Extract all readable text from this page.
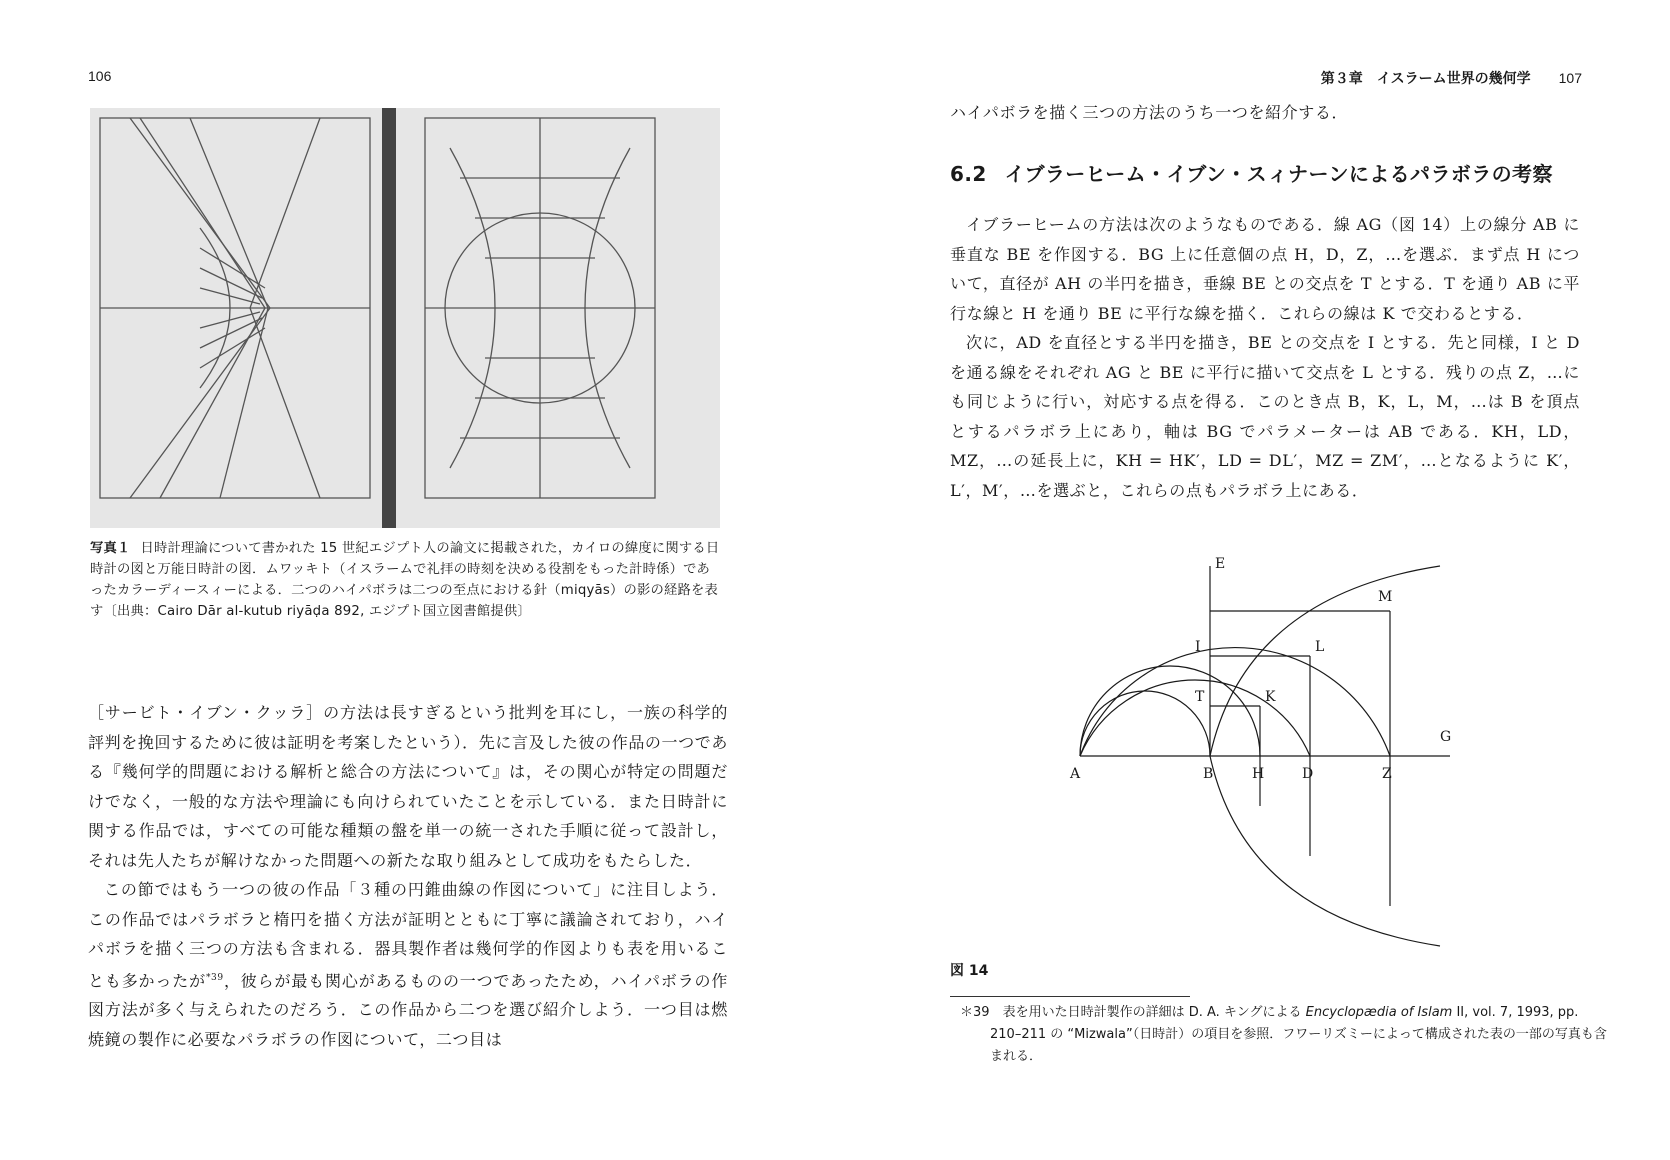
106
写真１ 日時計理論について書かれた 15 世紀エジプト人の論文に掲載された，カイロの緯度に関する日時計の図と万能日時計の図．ムワッキト（イスラームで礼拝の時刻を決める役割をもった計時係）であったカラーディースィーによる．二つのハイパボラは二つの至点における針（miqyās）の影の経路を表す〔出典：Cairo Dār al-kutub riyāḍa 892, エジプト国立図書館提供〕

［サービト・イブン・クッラ］の方法は長すぎるという批判を耳にし，一族の科学的評判を挽回するために彼は証明を考案したという）．先に言及した彼の作品の一つである『幾何学的問題における解析と総合の方法について』は，その関心が特定の問題だけでなく，一般的な方法や理論にも向けられていたことを示している．また日時計に関する作品では，すべての可能な種類の盤を単一の統一された手順に従って設計し，それは先人たちが解けなかった問題への新たな取り組みとして成功をもたらした．

この節ではもう一つの彼の作品「３種の円錐曲線の作図について」に注目しよう．この作品ではパラボラと楕円を描く方法が証明とともに丁寧に議論されており，ハイパボラを描く三つの方法も含まれる．器具製作者は幾何学的作図よりも表を用いることも多かったが$^{*39}$，彼らが最も関心があるものの一つであったため，ハイパボラの作図方法が多く与えられたのだろう．この作品から二つを選び紹介しよう．一つ目は燃焼鏡の製作に必要なパラボラの作図について，二つ目は

第３章　イスラーム世界の幾何学 107
ハイパボラを描く三つの方法のうち一つを紹介する．
6.2 イブラーヒーム・イブン・スィナーンによるパラボラの考察

イブラーヒームの方法は次のようなものである．線 AG（図 14）上の線分 AB に垂直な BE を作図する．BG 上に任意個の点 H，D，Z，…を選ぶ．まず点 H について，直径が AH の半円を描き，垂線 BE との交点を T とする．T を通り AB に平行な線と H を通り BE に平行な線を描く．これらの線は K で交わるとする．

次に，AD を直径とする半円を描き，BE との交点を I とする．先と同様，I と D を通る線をそれぞれ AG と BE に平行に描いて交点を L とする．残りの点 Z，…にも同じように行い，対応する点を得る．このとき点 B，K，L，M，…は B を頂点とするパラボラ上にあり，軸は BG でパラメーターは AB である．KH，LD，MZ，…の延長上に，KH = HK′，LD = DL′，MZ = ZM′，…となるように K′，L′，M′，…を選ぶと，これらの点もパラボラ上にある．

A	B	H	D	Z
G
E
T	K
I	L
M
図 14
＊39　 表を用いた日時計製作の詳細は D. A. キングによる Encyclopædia of Islam II, vol. 7, 1993, pp. 210–211 の “Mizwala”（日時計）の項目を参照．フワーリズミーによって構成された表の一部の写真も含まれる．
